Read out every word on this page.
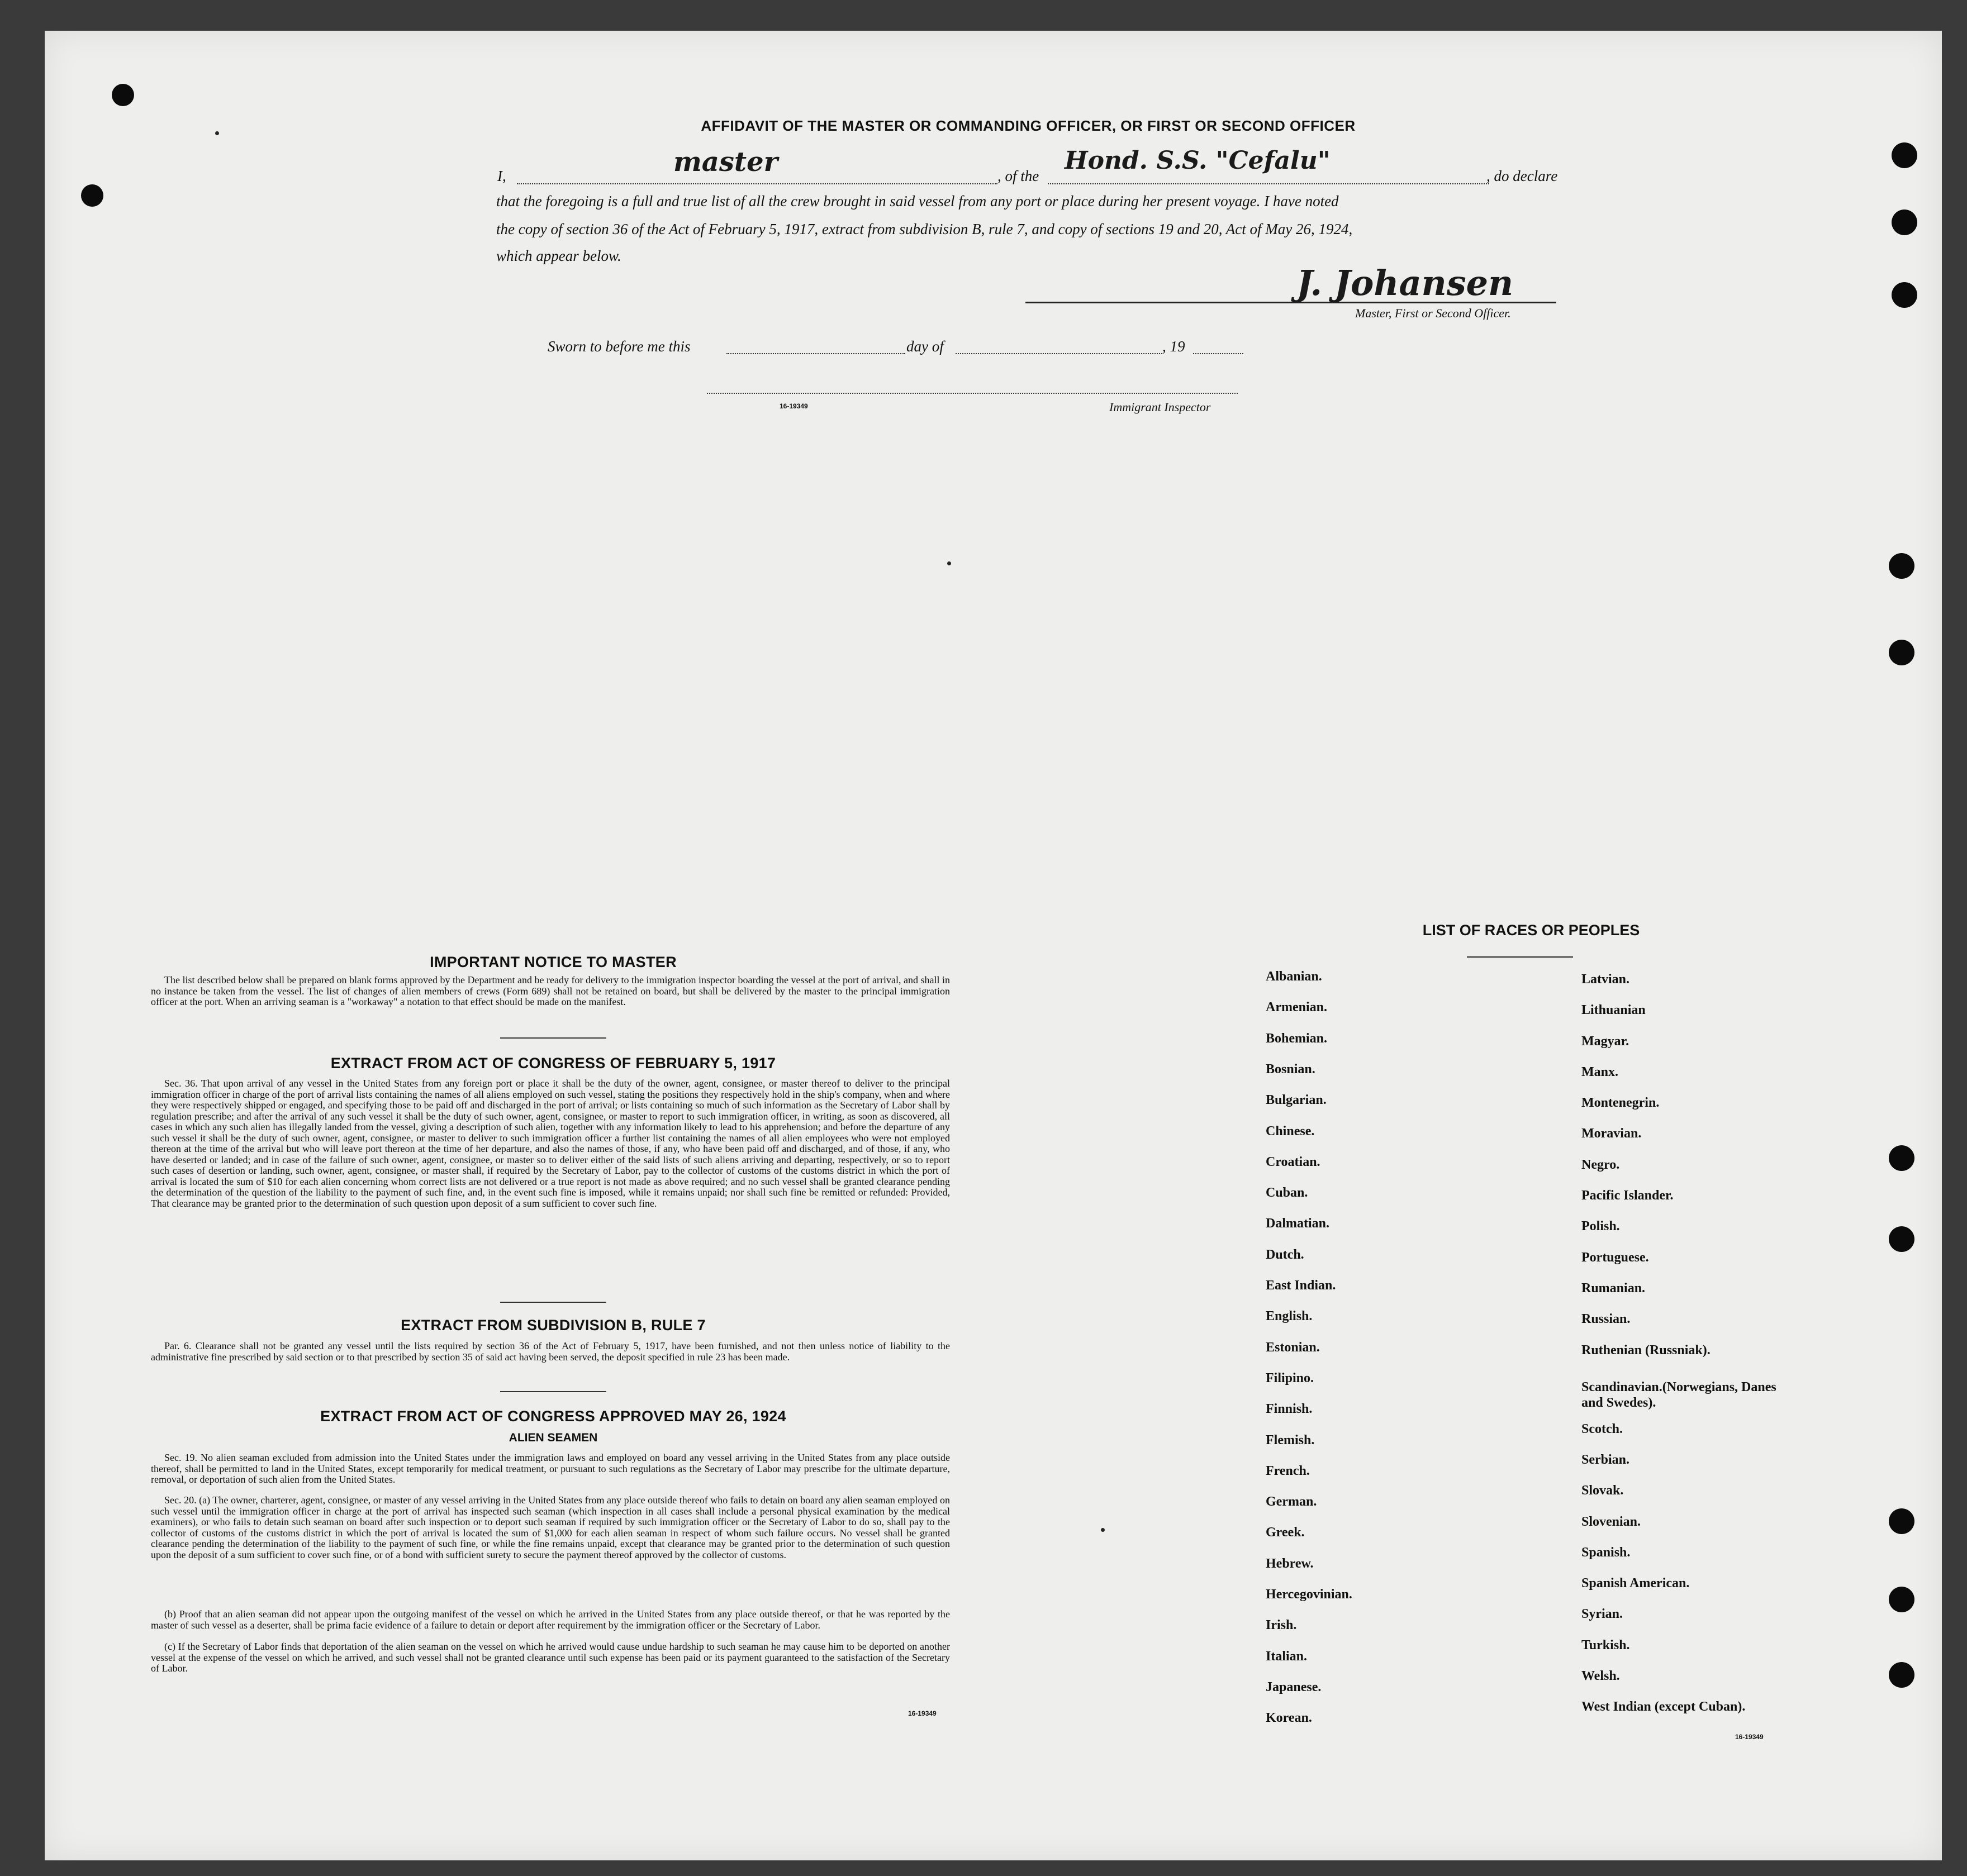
AFFIDAVIT OF THE MASTER OR COMMANDING OFFICER, OR FIRST OR SECOND OFFICER
I,	master	, of the
Hond. S.S. "Cefalu"
, do declare
that the foregoing is a full and true list of all the crew brought in said vessel from any port or place during her present voyage. I have noted
the copy of section 36 of the Act of February 5, 1917, extract from subdivision B, rule 7, and copy of sections 19 and 20, Act of May 26, 1924,
which appear below.
J. Johansen
Master, First or Second Officer.
Sworn to before me this	day of	, 19
16-19349	Immigrant Inspector
IMPORTANT NOTICE TO MASTER
The list described below shall be prepared on blank forms approved by the Department and be ready for delivery to the immigration inspector boarding the vessel at the port of arrival, and shall in no instance be taken from the vessel. The list of changes of alien members of crews (Form 689) shall not be retained on board, but shall be delivered by the master to the principal immigration officer at the port. When an arriving seaman is a "workaway" a notation to that effect should be made on the manifest.
EXTRACT FROM ACT OF CONGRESS OF FEBRUARY 5, 1917
Sec. 36. That upon arrival of any vessel in the United States from any foreign port or place it shall be the duty of the owner, agent, consignee, or master thereof to deliver to the principal immigration officer in charge of the port of arrival lists containing the names of all aliens employed on such vessel, stating the positions they respectively hold in the ship's company, when and where they were respectively shipped or engaged, and specifying those to be paid off and discharged in the port of arrival; or lists containing so much of such information as the Secretary of Labor shall by regulation prescribe; and after the arrival of any such vessel it shall be the duty of such owner, agent, consignee, or master to report to such immigration officer, in writing, as soon as discovered, all cases in which any such alien has illegally landed from the vessel, giving a description of such alien, together with any information likely to lead to his apprehension; and before the departure of any such vessel it shall be the duty of such owner, agent, consignee, or master to deliver to such immigration officer a further list containing the names of all alien employees who were not employed thereon at the time of the arrival but who will leave port thereon at the time of her departure, and also the names of those, if any, who have been paid off and discharged, and of those, if any, who have deserted or landed; and in case of the failure of such owner, agent, consignee, or master so to deliver either of the said lists of such aliens arriving and departing, respectively, or so to report such cases of desertion or landing, such owner, agent, consignee, or master shall, if required by the Secretary of Labor, pay to the collector of customs of the customs district in which the port of arrival is located the sum of $10 for each alien concerning whom correct lists are not delivered or a true report is not made as above required; and no such vessel shall be granted clearance pending the determination of the question of the liability to the payment of such fine, and, in the event such fine is imposed, while it remains unpaid; nor shall such fine be remitted or refunded: Provided, That clearance may be granted prior to the determination of such question upon deposit of a sum sufficient to cover such fine.
EXTRACT FROM SUBDIVISION B, RULE 7
Par. 6. Clearance shall not be granted any vessel until the lists required by section 36 of the Act of February 5, 1917, have been furnished, and not then unless notice of liability to the administrative fine prescribed by said section or to that prescribed by section 35 of said act having been served, the deposit specified in rule 23 has been made.
EXTRACT FROM ACT OF CONGRESS APPROVED MAY 26, 1924
ALIEN SEAMEN
Sec. 19. No alien seaman excluded from admission into the United States under the immigration laws and employed on board any vessel arriving in the United States from any place outside thereof, shall be permitted to land in the United States, except temporarily for medical treatment, or pursuant to such regulations as the Secretary of Labor may prescribe for the ultimate departure, removal, or deportation of such alien from the United States.
Sec. 20. (a) The owner, charterer, agent, consignee, or master of any vessel arriving in the United States from any place outside thereof who fails to detain on board any alien seaman employed on such vessel until the immigration officer in charge at the port of arrival has inspected such seaman (which inspection in all cases shall include a personal physical examination by the medical examiners), or who fails to detain such seaman on board after such inspection or to deport such seaman if required by such immigration officer or the Secretary of Labor to do so, shall pay to the collector of customs of the customs district in which the port of arrival is located the sum of $1,000 for each alien seaman in respect of whom such failure occurs. No vessel shall be granted clearance pending the determination of the liability to the payment of such fine, or while the fine remains unpaid, except that clearance may be granted prior to the determination of such question upon the deposit of a sum sufficient to cover such fine, or of a bond with sufficient surety to secure the payment thereof approved by the collector of customs.
(b) Proof that an alien seaman did not appear upon the outgoing manifest of the vessel on which he arrived in the United States from any place outside thereof, or that he was reported by the master of such vessel as a deserter, shall be prima facie evidence of a failure to detain or deport after requirement by the immigration officer or the Secretary of Labor.
(c) If the Secretary of Labor finds that deportation of the alien seaman on the vessel on which he arrived would cause undue hardship to such seaman he may cause him to be deported on another vessel at the expense of the vessel on which he arrived, and such vessel shall not be granted clearance until such expense has been paid or its payment guaranteed to the satisfaction of the Secretary of Labor.
16-19349
LIST OF RACES OR PEOPLES
Albanian.
Armenian.
Bohemian.
Bosnian.
Bulgarian.
Chinese.
Croatian.
Cuban.
Dalmatian.
Dutch.
East Indian.
English.
Estonian.
Filipino.
Finnish.
Flemish.
French.
German.
Greek.
Hebrew.
Hercegovinian.
Irish.
Italian.
Japanese.
Korean.
Latvian.
Lithuanian
Magyar.
Manx.
Montenegrin.
Moravian.
Negro.
Pacific Islander.
Polish.
Portuguese.
Rumanian.
Russian.
Ruthenian (Russniak).
Scandinavian.(Norwegians, Danes and Swedes).
Scotch.
Serbian.
Slovak.
Slovenian.
Spanish.
Spanish American.
Syrian.
Turkish.
Welsh.
West Indian (except Cuban).
16-19349
